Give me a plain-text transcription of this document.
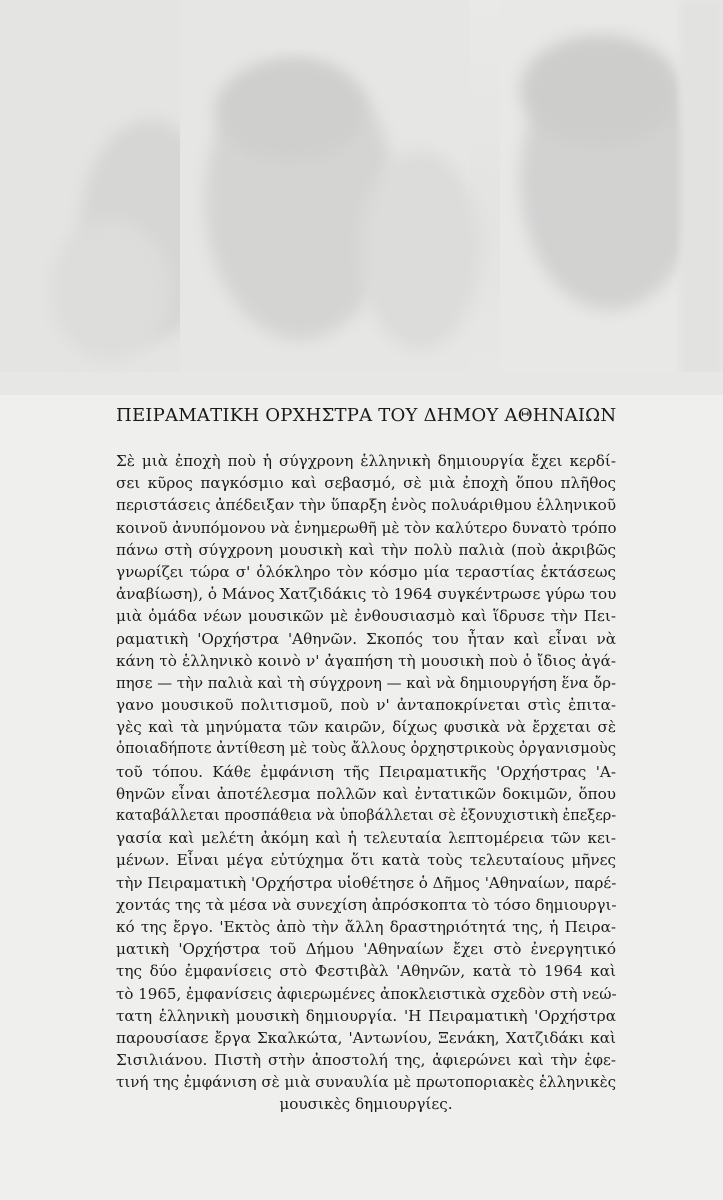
ΠΕΙΡΑΜΑΤΙΚΗ ΟΡΧΗΣΤΡΑ ΤΟΥ ΔΗΜΟΥ ΑΘΗΝΑΙΩΝ
Σὲ μιὰ ἐποχὴ ποὺ ἡ σύγχρονη ἑλληνικὴ δημιουργία ἔχει κερδί-
σει κῦρος παγκόσμιο καὶ σεβασμό, σὲ μιὰ ἐποχὴ ὅπου πλῆθος
περιστάσεις ἀπέδειξαν τὴν ὕπαρξη ἑνὸς πολυάριθμου ἑλληνικοῦ
κοινοῦ ἀνυπόμονου νὰ ἐνημερωθῆ μὲ τὸν καλύτερο δυνατὸ τρόπο
πάνω στὴ σύγχρονη μουσικὴ καὶ τὴν πολὺ παλιὰ (ποὺ ἀκριβῶς
γνωρίζει τώρα σ' ὁλόκληρο τὸν κόσμο μία τεραστίας ἐκτάσεως
ἀναβίωση), ὁ Μάνος Χατζιδάκις τὸ 1964 συγκέντρωσε γύρω του
μιὰ ὁμάδα νέων μουσικῶν μὲ ἐνθουσιασμὸ καὶ ἵδρυσε τὴν Πει-
ραματικὴ 'Ορχήστρα 'Αθηνῶν. Σκοπός του ἦταν καὶ εἶναι νὰ
κάνη τὸ ἑλληνικὸ κοινὸ ν' ἀγαπήση τὴ μουσικὴ ποὺ ὁ ἴδιος ἀγά-
πησε — τὴν παλιὰ καὶ τὴ σύγχρονη — καὶ νὰ δημιουργήση ἕνα ὄρ-
γανο μουσικοῦ πολιτισμοῦ, ποὺ ν' ἀνταποκρίνεται στὶς ἐπιτα-
γὲς καὶ τὰ μηνύματα τῶν καιρῶν, δίχως φυσικὰ νὰ ἔρχεται σὲ
ὁποιαδήποτε ἀντίθεση μὲ τοὺς ἄλλους ὀρχηστρικοὺς ὀργανισμοὺς
τοῦ τόπου. Κάθε ἐμφάνιση τῆς Πειραματικῆς 'Ορχήστρας 'Α-
θηνῶν εἶναι ἀποτέλεσμα πολλῶν καὶ ἐντατικῶν δοκιμῶν, ὅπου
καταβάλλεται προσπάθεια νὰ ὑποβάλλεται σὲ ἐξονυχιστικὴ ἐπεξερ-
γασία καὶ μελέτη ἀκόμη καὶ ἡ τελευταία λεπτομέρεια τῶν κει-
μένων. Εἶναι μέγα εὐτύχημα ὅτι κατὰ τοὺς τελευταίους μῆνες
τὴν Πειραματικὴ 'Ορχήστρα υἱοθέτησε ὁ Δῆμος 'Αθηναίων, παρέ-
χοντάς της τὰ μέσα νὰ συνεχίση ἀπρόσκοπτα τὸ τόσο δημιουργι-
κό της ἔργο. 'Εκτὸς ἀπὸ τὴν ἄλλη δραστηριότητά της, ἡ Πειρα-
ματικὴ 'Ορχήστρα τοῦ Δήμου 'Αθηναίων ἔχει στὸ ἐνεργητικό
της δύο ἐμφανίσεις στὸ Φεστιβὰλ 'Αθηνῶν, κατὰ τὸ 1964 καὶ
τὸ 1965, ἐμφανίσεις ἀφιερωμένες ἀποκλειστικὰ σχεδὸν στὴ νεώ-
τατη ἑλληνικὴ μουσικὴ δημιουργία. 'Η Πειραματικὴ 'Ορχήστρα
παρουσίασε ἔργα Σκαλκώτα, 'Αντωνίου, Ξενάκη, Χατζιδάκι καὶ
Σισιλιάνου. Πιστὴ στὴν ἀποστολή της, ἀφιερώνει καὶ τὴν ἐφε-
τινή της ἐμφάνιση σὲ μιὰ συναυλία μὲ πρωτοποριακὲς ἑλληνικὲς
μουσικὲς δημιουργίες.
